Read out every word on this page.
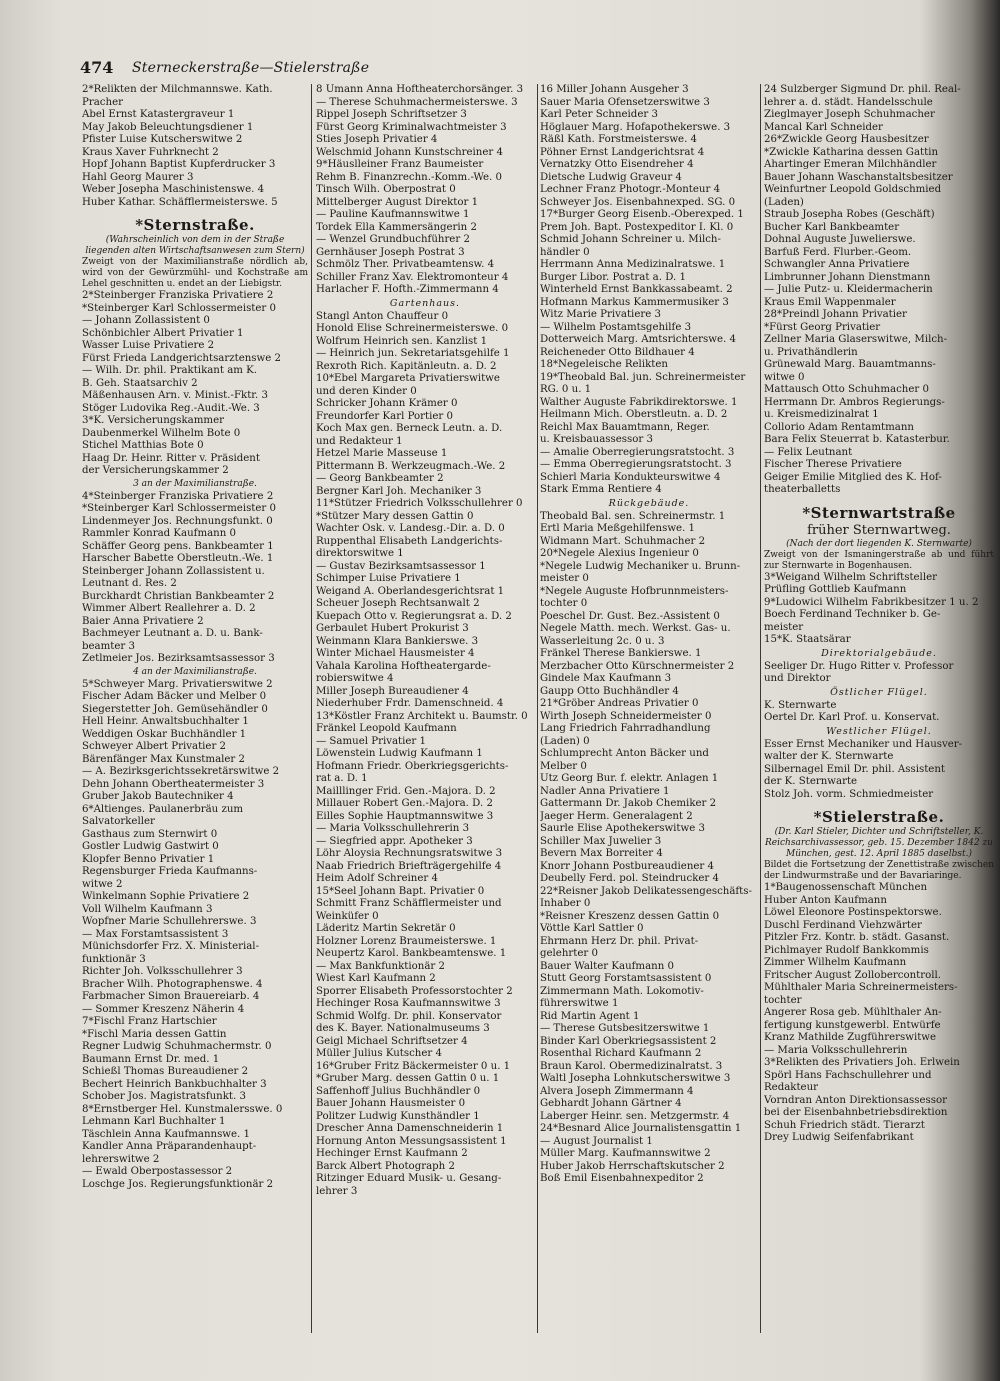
474 Sterneckerstraße—Stielerstraße
2*Relikten der Milchmannswe. Kath.
Pracher
Abel Ernst Katastergraveur 1
May Jakob Beleuchtungsdiener 1
Pfister Luise Kutscherswitwe 2
Kraus Xaver Fuhrknecht 2
Hopf Johann Baptist Kupferdrucker 3
Hahl Georg Maurer 3
Weber Josepha Maschinistenswe. 4
Huber Kathar. Schäfflermeisterswe. 5
*Sternstraße.
(Wahrscheinlich von dem in der Straße liegenden alten Wirtschaftsanwesen zum Stern)
Zweigt von der Maximilianstraße nördlich ab, wird von der Gewürzmühl- und Kochstraße am Lehel geschnitten u. endet an der Liebigstr.
2*Steinberger Franziska Privatiere 2
*Steinberger Karl Schlossermeister 0
— Johann Zollassistent 0
Schönbichler Albert Privatier 1
Wasser Luise Privatiere 2
Fürst Frieda Landgerichtsarztenswe 2
— Wilh. Dr. phil. Praktikant am K.
B. Geh. Staatsarchiv 2
Mäßenhausen Arn. v. Minist.-Fktr. 3
Stöger Ludovika Reg.-Audit.-We. 3
3*K. Versicherungskammer
Daubenmerkel Wilhelm Bote 0
Stichel Matthias Bote 0
Haag Dr. Heinr. Ritter v. Präsident
der Versicherungskammer 2
3 an der Maximilianstraße.
4*Steinberger Franziska Privatiere 2
*Steinberger Karl Schlossermeister 0
Lindenmeyer Jos. Rechnungsfunkt. 0
Rammler Konrad Kaufmann 0
Schäffer Georg pens. Bankbeamter 1
Harscher Babette Oberstleutn.-We. 1
Steinberger Johann Zollassistent u.
Leutnant d. Res. 2
Burckhardt Christian Bankbeamter 2
Wimmer Albert Reallehrer a. D. 2
Baier Anna Privatiere 2
Bachmeyer Leutnant a. D. u. Bank-
beamter 3
Zetlmeier Jos. Bezirksamtsassessor 3
4 an der Maximilianstraße.
5*Schweyer Marg. Privatierswitwe 2
Fischer Adam Bäcker und Melber 0
Siegerstetter Joh. Gemüsehändler 0
Hell Heinr. Anwaltsbuchhalter 1
Weddigen Oskar Buchhändler 1
Schweyer Albert Privatier 2
Bärenfänger Max Kunstmaler 2
— A. Bezirksgerichtssekretärswitwe 2
Dehn Johann Obertheatermeister 3
Gruber Jakob Bautechniker 4
6*Altienges. Paulanerbräu zum
Salvatorkeller
Gasthaus zum Sternwirt 0
Gostler Ludwig Gastwirt 0
Klopfer Benno Privatier 1
Regensburger Frieda Kaufmanns-
witwe 2
Winkelmann Sophie Privatiere 2
Voll Wilhelm Kaufmann 3
Wopfner Marie Schullehrerswe. 3
— Max Forstamtsassistent 3
Münichsdorfer Frz. X. Ministerial-
funktionär 3
Richter Joh. Volksschullehrer 3
Bracher Wilh. Photographenswe. 4
Farbmacher Simon Brauereiarb. 4
— Sommer Kreszenz Näherin 4
7*Fischl Franz Hartschier
*Fischl Maria dessen Gattin
Regner Ludwig Schuhmachermstr. 0
Baumann Ernst Dr. med. 1
Schießl Thomas Bureaudiener 2
Bechert Heinrich Bankbuchhalter 3
Schober Jos. Magistratsfunkt. 3
8*Ernstberger Hel. Kunstmalersswe. 0
Lehmann Karl Buchhalter 1
Täschlein Anna Kaufmannswe. 1
Kandler Anna Präparandenhaupt-
lehrerswitwe 2
— Ewald Oberpostassessor 2
Loschge Jos. Regierungsfunktionär 2
8 Umann Anna Hoftheaterchorsänger. 3
— Therese Schuhmachermeisterswe. 3
Rippel Joseph Schriftsetzer 3
Fürst Georg Kriminalwachtmeister 3
Sties Joseph Privatier 4
Welschmid Johann Kunstschreiner 4
9*Häuslleiner Franz Baumeister
Rehm B. Finanzrechn.-Komm.-We. 0
Tinsch Wilh. Oberpostrat 0
Mittelberger August Direktor 1
— Pauline Kaufmannswitwe 1
Tordek Ella Kammersängerin 2
— Wenzel Grundbuchführer 2
Gernhäuser Joseph Postrat 3
Schmölz Ther. Privatbeamtensw. 4
Schiller Franz Xav. Elektromonteur 4
Harlacher F. Hofth.-Zimmermann 4
Gartenhaus.
Stangl Anton Chauffeur 0
Honold Elise Schreinermeisterswe. 0
Wolfrum Heinrich sen. Kanzlist 1
— Heinrich jun. Sekretariatsgehilfe 1
Rexroth Rich. Kapitänleutn. a. D. 2
10*Ebel Margareta Privatierswitwe
und deren Kinder 0
Schricker Johann Krämer 0
Freundorfer Karl Portier 0
Koch Max gen. Berneck Leutn. a. D.
und Redakteur 1
Hetzel Marie Masseuse 1
Pittermann B. Werkzeugmach.-We. 2
— Georg Bankbeamter 2
Bergner Karl Joh. Mechaniker 3
11*Stützer Friedrich Volksschullehrer 0
*Stützer Mary dessen Gattin 0
Wachter Osk. v. Landesg.-Dir. a. D. 0
Ruppenthal Elisabeth Landgerichts-
direktorswitwe 1
— Gustav Bezirksamtsassessor 1
Schimper Luise Privatiere 1
Weigand A. Oberlandesgerichtsrat 1
Scheuer Joseph Rechtsanwalt 2
Kuepach Otto v. Regierungsrat a. D. 2
Gerbaulet Hubert Prokurist 3
Weinmann Klara Bankierswe. 3
Winter Michael Hausmeister 4
Vahala Karolina Hoftheatergarde-
robierswitwe 4
Miller Joseph Bureaudiener 4
Niederhuber Frdr. Damenschneid. 4
13*Köstler Franz Architekt u. Baumstr. 0
Fränkel Leopold Kaufmann
— Samuel Privatier 1
Löwenstein Ludwig Kaufmann 1
Hofmann Friedr. Oberkriegsgerichts-
rat a. D. 1
Mailllinger Frid. Gen.-Majora. D. 2
Millauer Robert Gen.-Majora. D. 2
Eilles Sophie Hauptmannswitwe 3
— Maria Volksschullehrerin 3
— Siegfried appr. Apotheker 3
Löhr Aloysia Rechnungsratswitwe 3
Naab Friedrich Briefträgergehilfe 4
Heim Adolf Schreiner 4
15*Seel Johann Bapt. Privatier 0
Schmitt Franz Schäfflermeister und
Weinküfer 0
Läderitz Martin Sekretär 0
Holzner Lorenz Braumeisterswe. 1
Neupertz Karol. Bankbeamtenswe. 1
— Max Bankfunktionär 2
Wiest Karl Kaufmann 2
Sporrer Elisabeth Professorstochter 2
Hechinger Rosa Kaufmannswitwe 3
Schmid Wolfg. Dr. phil. Konservator
des K. Bayer. Nationalmuseums 3
Geigl Michael Schriftsetzer 4
Müller Julius Kutscher 4
16*Gruber Fritz Bäckermeister 0 u. 1
*Gruber Marg. dessen Gattin 0 u. 1
Saffenhoff Julius Buchhändler 0
Bauer Johann Hausmeister 0
Politzer Ludwig Kunsthändler 1
Drescher Anna Damenschneiderin 1
Hornung Anton Messungsassistent 1
Hechinger Ernst Kaufmann 2
Barck Albert Photograph 2
Ritzinger Eduard Musik- u. Gesang-
lehrer 3
16 Miller Johann Ausgeher 3
Sauer Maria Ofensetzerswitwe 3
Karl Peter Schneider 3
Höglauer Marg. Hofapothekerswe. 3
Räßl Kath. Forstmeisterswe. 4
Pöhner Ernst Landgerichtsrat 4
Vernatzky Otto Eisendreher 4
Dietsche Ludwig Graveur 4
Lechner Franz Photogr.-Monteur 4
Schweyer Jos. Eisenbahnexped. SG. 0
17*Burger Georg Eisenb.-Oberexped. 1
Prem Joh. Bapt. Postexpeditor I. Kl. 0
Schmid Johann Schreiner u. Milch-
händler 0
Herrmann Anna Medizinalratswe. 1
Burger Libor. Postrat a. D. 1
Winterheld Ernst Bankkassabeamt. 2
Hofmann Markus Kammermusiker 3
Witz Marie Privatiere 3
— Wilhelm Postamtsgehilfe 3
Dotterweich Marg. Amtsrichterswe. 4
Reicheneder Otto Bildhauer 4
18*Negeleische Relikten
19*Theobald Bal. jun. Schreinermeister
RG. 0 u. 1
Walther Auguste Fabrikdirektorswe. 1
Heilmann Mich. Oberstleutn. a. D. 2
Reichl Max Bauamtmann, Reger.
u. Kreisbauassessor 3
— Amalie Oberregierungsratstocht. 3
— Emma Oberregierungsratstocht. 3
Schierl Maria Konduktеurswitwe 4
Stark Emma Rentiere 4
Rückgebäude.
Theobald Bal. sen. Schreinermstr. 1
Ertl Maria Meßgehilfenswe. 1
Widmann Mart. Schuhmacher 2
20*Negele Alexius Ingenieur 0
*Negele Ludwig Mechaniker u. Brunn-
meister 0
*Negele Auguste Hofbrunnmeisters-
tochter 0
Poeschel Dr. Gust. Bez.-Assistent 0
Negele Matth. mech. Werkst. Gas- u.
Wasserleitung 2c. 0 u. 3
Fränkel Therese Bankierswe. 1
Merzbacher Otto Kürschnermeister 2
Gindele Max Kaufmann 3
Gaupp Otto Buchhändler 4
21*Gröber Andreas Privatier 0
Wirth Joseph Schneidermeister 0
Lang Friedrich Fahrradhandlung
(Laden) 0
Schlumprecht Anton Bäcker und
Melber 0
Utz Georg Bur. f. elektr. Anlagen 1
Nadler Anna Privatiere 1
Gattermann Dr. Jakob Chemiker 2
Jaeger Herm. Generalagent 2
Saurle Elise Apothekerswitwe 3
Schiller Max Juwelier 3
Bevern Max Borreiter 4
Knorr Johann Postbureaudiener 4
Deubelly Ferd. pol. Steindrucker 4
22*Reisner Jakob Delikatessengeschäfts-
Inhaber 0
*Reisner Kreszenz dessen Gattin 0
Vöttle Karl Sattler 0
Ehrmann Herz Dr. phil. Privat-
gelehrter 0
Bauer Walter Kaufmann 0
Stutt Georg Forstamtsassistent 0
Zimmermann Math. Lokomotiv-
führerswitwe 1
Rid Martin Agent 1
— Therese Gutsbesitzerswitwe 1
Binder Karl Oberkriegsassistent 2
Rosenthal Richard Kaufmann 2
Braun Karol. Obermedizinalratst. 3
Waltl Josepha Lohnkutscherswitwe 3
Alvera Joseph Zimmermann 4
Gebhardt Johann Gärtner 4
Laberger Heinr. sen. Metzgermstr. 4
24*Besnard Alice Journalistensgattin 1
— August Journalist 1
Müller Marg. Kaufmannswitwe 2
Huber Jakob Herrschaftskutscher 2
Boß Emil Eisenbahnexpeditor 2
24 Sulzberger Sigmund Dr. phil. Real-
lehrer a. d. städt. Handelsschule
Zieglmayer Joseph Schuhmacher
Mancal Karl Schneider
26*Zwickle Georg Hausbesitzer
*Zwickle Katharina dessen Gattin
Ahartinger Emeran Milchhändler
Bauer Johann Waschanstaltsbesitzer
Weinfurtner Leopold Goldschmied
(Laden)
Straub Josepha Robes (Geschäft)
Bucher Karl Bankbeamter
Dohnal Auguste Juwelierswe.
Barfuß Ferd. Flurber.-Geom.
Schwangler Anna Privatiere
Limbrunner Johann Dienstmann
— Julie Putz- u. Kleidermacherin
Kraus Emil Wappenmaler
28*Preindl Johann Privatier
*Fürst Georg Privatier
Zellner Maria Glaserswitwe, Milch-
u. Privathändlerin
Grünewald Marg. Bauamtmanns-
witwe 0
Mattausch Otto Schuhmacher 0
Herrmann Dr. Ambros Regierungs-
u. Kreismedizinalrat 1
Collorio Adam Rentamtmann
Bara Felix Steuerrat b. Katasterbur.
— Felix Leutnant
Fischer Therese Privatiere
Geiger Emilie Mitglied des K. Hof-
theaterballetts
*Sternwartstraße
früher Sternwartweg.
(Nach der dort liegenden K. Sternwarte)
Zweigt von der Ismaningerstraße ab und führt zur Sternwarte in Bogenhausen.
3*Weigand Wilhelm Schriftsteller
Prüfling Gottlieb Kaufmann
9*Ludowici Wilhelm Fabrikbesitzer 1 u. 2
Boech Ferdinand Techniker b. Ge-
meister
15*K. Staatsärar
Direktorialgebäude.
Seeliger Dr. Hugo Ritter v. Professor
und Direktor
Östlicher Flügel.
K. Sternwarte
Oertel Dr. Karl Prof. u. Konservat.
Westlicher Flügel.
Esser Ernst Mechaniker und Hausver-
walter der K. Sternwarte
Silbernagel Emil Dr. phil. Assistent
der K. Sternwarte
Stolz Joh. vorm. Schmiedmeister
*Stielerstraße.
(Dr. Karl Stieler, Dichter und Schriftsteller, K. Reichsarchivassessor, geb. 15. Dezember 1842 zu München, gest. 12. April 1885 daselbst.)
Bildet die Fortsetzung der Zenettistraße zwischen der Lindwurmstraße und der Bavariaringe.
1*Baugenossenschaft München
Huber Anton Kaufmann
Löwel Eleonore Postinspektorswe.
Duschl Ferdinand Viehzwärter
Pitzler Frz. Kontr. b. städt. Gasanst.
Pichlmayer Rudolf Bankkommis
Zimmer Wilhelm Kaufmann
Fritscher August Zollobercontroll.
Mühlthaler Maria Schreinermeisters-
tochter
Angerer Rosa geb. Mühlthaler An-
fertigung kunstgewerbl. Entwürfe
Kranz Mathilde Zugführerswitwe
— Maria Volksschullehrerin
3*Relikten des Privatiers Joh. Erlwein
Spörl Hans Fachschullehrer und
Redakteur
Vorndran Anton Direktionsassessor
bei der Eisenbahnbetriebsdirektion
Schuh Friedrich städt. Tierarzt
Drey Ludwig Seifenfabrikant
